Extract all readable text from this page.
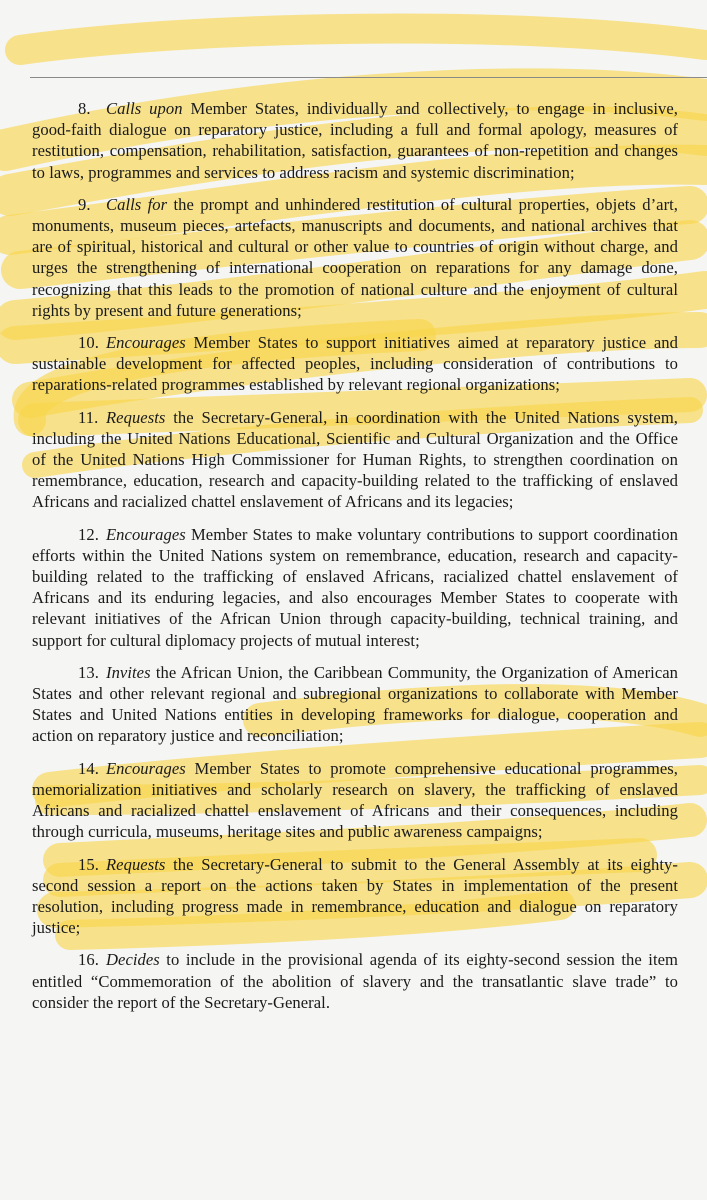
8. Calls upon Member States, individually and collectively, to engage in inclusive, good-faith dialogue on reparatory justice, including a full and formal apology, measures of restitution, compensation, rehabilitation, satisfaction, guarantees of non-repetition and changes to laws, programmes and services to address racism and systemic discrimination;

9. Calls for the prompt and unhindered restitution of cultural properties, objets d’art, monuments, museum pieces, artefacts, manuscripts and documents, and national archives that are of spiritual, historical and cultural or other value to countries of origin without charge, and urges the strengthening of international cooperation on reparations for any damage done, recognizing that this leads to the promotion of national culture and the enjoyment of cultural rights by present and future generations;

10. Encourages Member States to support initiatives aimed at reparatory justice and sustainable development for affected peoples, including consideration of contributions to reparations-related programmes established by relevant regional organizations;

11. Requests the Secretary-General, in coordination with the United Nations system, including the United Nations Educational, Scientific and Cultural Organization and the Office of the United Nations High Commissioner for Human Rights, to strengthen coordination on remembrance, education, research and capacity-building related to the trafficking of enslaved Africans and racialized chattel enslavement of Africans and its legacies;

12. Encourages Member States to make voluntary contributions to support coordination efforts within the United Nations system on remembrance, education, research and capacity-building related to the trafficking of enslaved Africans, racialized chattel enslavement of Africans and its enduring legacies, and also encourages Member States to cooperate with relevant initiatives of the African Union through capacity-building, technical training, and support for cultural diplomacy projects of mutual interest;

13. Invites the African Union, the Caribbean Community, the Organization of American States and other relevant regional and subregional organizations to collaborate with Member States and United Nations entities in developing frameworks for dialogue, cooperation and action on reparatory justice and reconciliation;

14. Encourages Member States to promote comprehensive educational programmes, memorialization initiatives and scholarly research on slavery, the trafficking of enslaved Africans and racialized chattel enslavement of Africans and their consequences, including through curricula, museums, heritage sites and public awareness campaigns;

15. Requests the Secretary-General to submit to the General Assembly at its eighty-second session a report on the actions taken by States in implementation of the present resolution, including progress made in remembrance, education and dialogue on reparatory justice;

16. Decides to include in the provisional agenda of its eighty-second session the item entitled “Commemoration of the abolition of slavery and the transatlantic slave trade” to consider the report of the Secretary-General.
